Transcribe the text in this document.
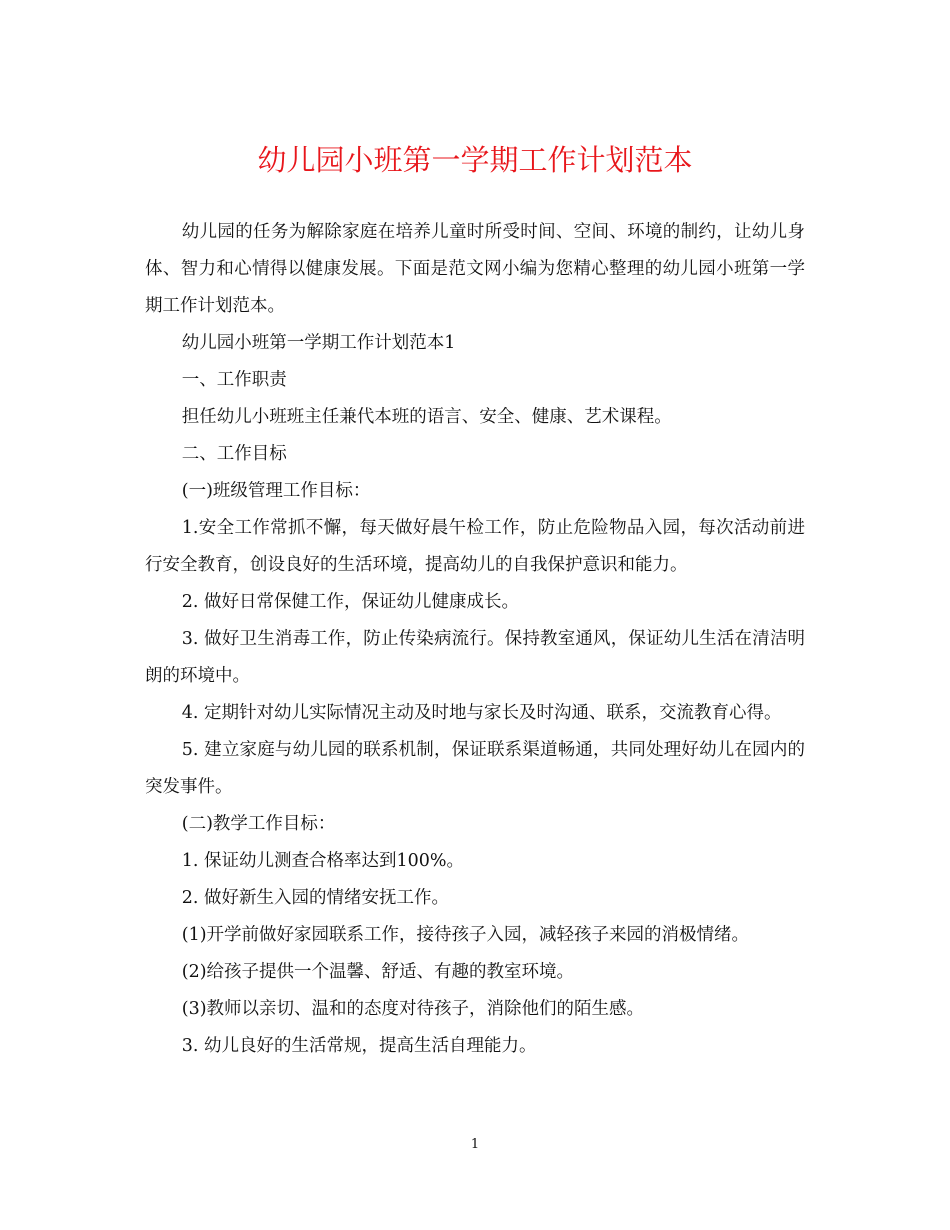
幼儿园小班第一学期工作计划范本

幼儿园的任务为解除家庭在培养儿童时所受时间、空间、环境的制约，让幼儿身体、智力和心情得以健康发展。下面是范文网小编为您精心整理的幼儿园小班第一学期工作计划范本。

幼儿园小班第一学期工作计划范本1

一、工作职责

担任幼儿小班班主任兼代本班的语言、安全、健康、艺术课程。

二、工作目标

(一)班级管理工作目标：

1.安全工作常抓不懈，每天做好晨午检工作，防止危险物品入园，每次活动前进行安全教育，创设良好的生活环境，提高幼儿的自我保护意识和能力。

2. 做好日常保健工作，保证幼儿健康成长。

3. 做好卫生消毒工作，防止传染病流行。保持教室通风，保证幼儿生活在清洁明朗的环境中。

4. 定期针对幼儿实际情况主动及时地与家长及时沟通、联系，交流教育心得。

5. 建立家庭与幼儿园的联系机制，保证联系渠道畅通，共同处理好幼儿在园内的突发事件。

(二)教学工作目标：

1. 保证幼儿测查合格率达到100%。

2. 做好新生入园的情绪安抚工作。

(1)开学前做好家园联系工作，接待孩子入园，减轻孩子来园的消极情绪。

(2)给孩子提供一个温馨、舒适、有趣的教室环境。

(3)教师以亲切、温和的态度对待孩子，消除他们的陌生感。

3. 幼儿良好的生活常规，提高生活自理能力。

1
